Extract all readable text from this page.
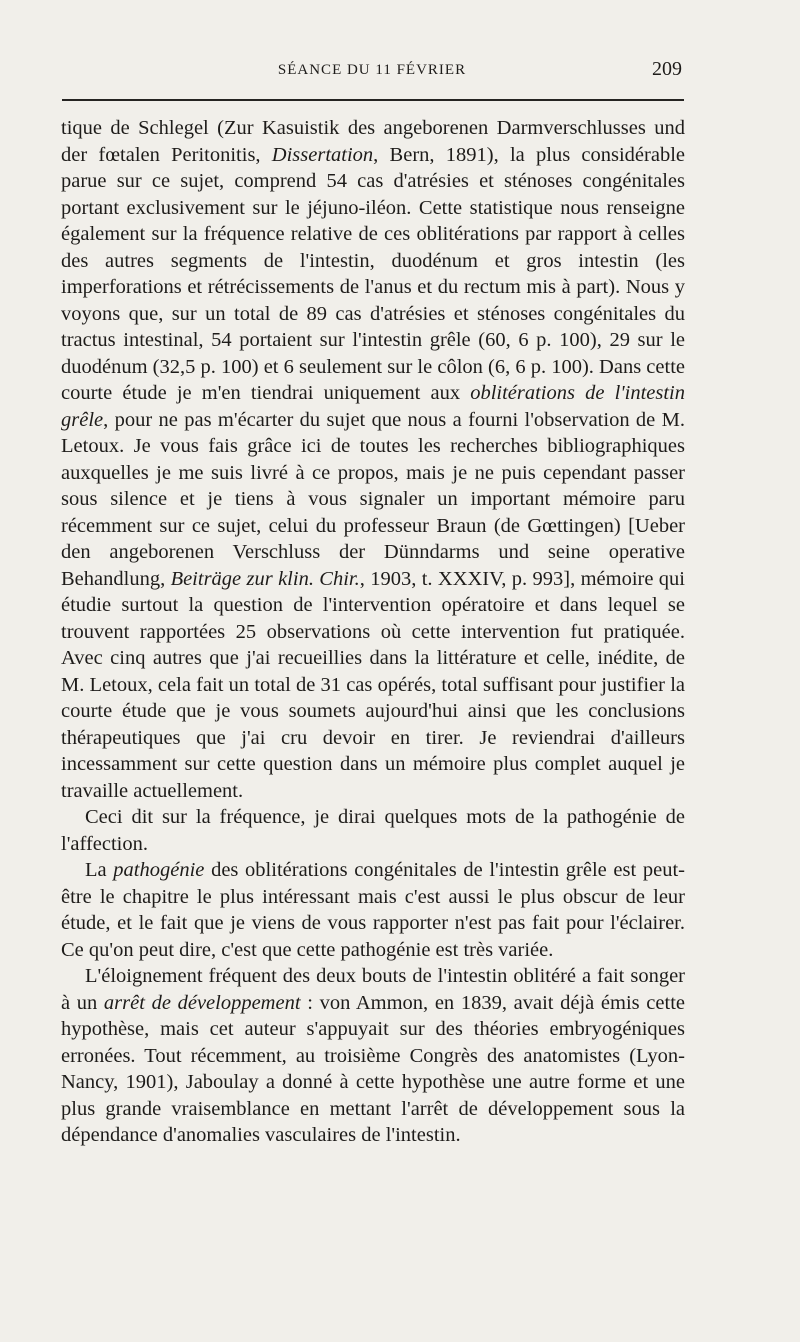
SÉANCE DU 11 FÉVRIER	209

tique de Schlegel (Zur Kasuistik des angeborenen Darmverschlusses und der fœtalen Peritonitis, Dissertation, Bern, 1891), la plus considérable parue sur ce sujet, comprend 54 cas d'atrésies et sténoses congénitales portant exclusivement sur le jéjuno-iléon. Cette statistique nous renseigne également sur la fréquence relative de ces oblitérations par rapport à celles des autres segments de l'intestin, duodénum et gros intestin (les imperforations et rétrécissements de l'anus et du rectum mis à part). Nous y voyons que, sur un total de 89 cas d'atrésies et sténoses congénitales du tractus intestinal, 54 portaient sur l'intestin grêle (60, 6 p. 100), 29 sur le duodénum (32,5 p. 100) et 6 seulement sur le côlon (6, 6 p. 100). Dans cette courte étude je m'en tiendrai uniquement aux oblitérations de l'intestin grêle, pour ne pas m'écarter du sujet que nous a fourni l'observation de M. Letoux. Je vous fais grâce ici de toutes les recherches bibliographiques auxquelles je me suis livré à ce propos, mais je ne puis cependant passer sous silence et je tiens à vous signaler un important mémoire paru récemment sur ce sujet, celui du professeur Braun (de Gœttingen) [Ueber den angeborenen Verschluss der Dünndarms und seine operative Behandlung, Beiträge zur klin. Chir., 1903, t. XXXIV, p. 993], mémoire qui étudie surtout la question de l'intervention opératoire et dans lequel se trouvent rapportées 25 observations où cette intervention fut pratiquée. Avec cinq autres que j'ai recueillies dans la littérature et celle, inédite, de M. Letoux, cela fait un total de 31 cas opérés, total suffisant pour justifier la courte étude que je vous soumets aujourd'hui ainsi que les conclusions thérapeutiques que j'ai cru devoir en tirer. Je reviendrai d'ailleurs incessamment sur cette question dans un mémoire plus complet auquel je travaille actuellement.

Ceci dit sur la fréquence, je dirai quelques mots de la pathogénie de l'affection.

La pathogénie des oblitérations congénitales de l'intestin grêle est peut-être le chapitre le plus intéressant mais c'est aussi le plus obscur de leur étude, et le fait que je viens de vous rapporter n'est pas fait pour l'éclairer. Ce qu'on peut dire, c'est que cette pathogénie est très variée.

L'éloignement fréquent des deux bouts de l'intestin oblitéré a fait songer à un arrêt de développement : von Ammon, en 1839, avait déjà émis cette hypothèse, mais cet auteur s'appuyait sur des théories embryogéniques erronées. Tout récemment, au troisième Congrès des anatomistes (Lyon-Nancy, 1901), Jaboulay a donné à cette hypothèse une autre forme et une plus grande vraisemblance en mettant l'arrêt de développement sous la dépendance d'anomalies vasculaires de l'intestin.
